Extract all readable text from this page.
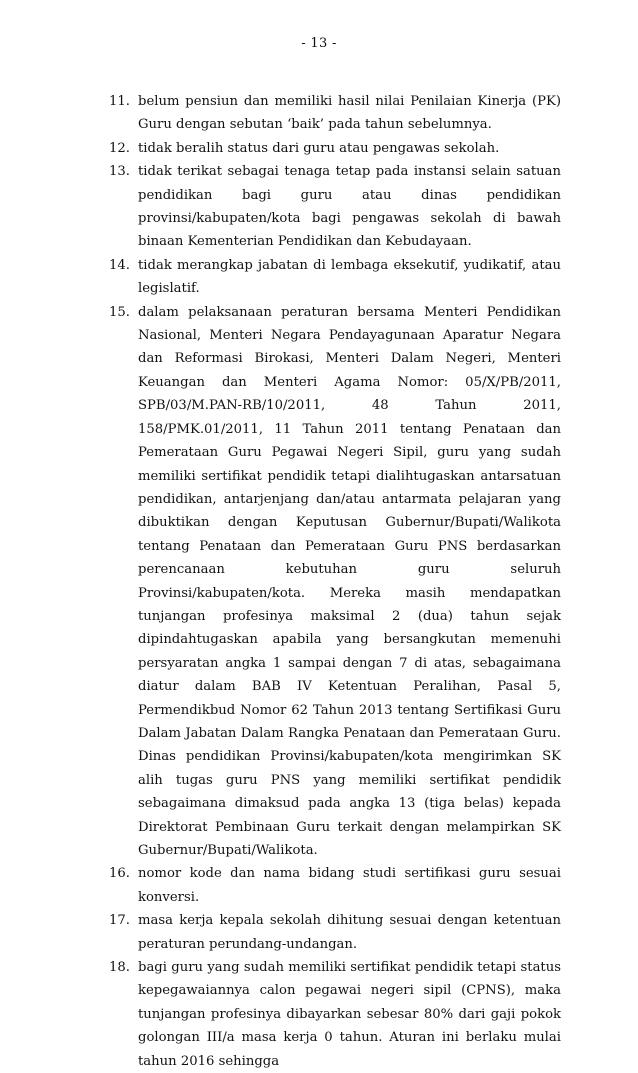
- 13 -
11. belum pensiun dan memiliki hasil nilai Penilaian Kinerja (PK) Guru dengan sebutan ‘baik’ pada tahun sebelumnya.
12. tidak beralih status dari guru atau pengawas sekolah.
13. tidak terikat sebagai tenaga tetap pada instansi selain satuan pendidikan bagi guru atau dinas pendidikan provinsi/kabupaten/kota bagi pengawas sekolah di bawah binaan Kementerian Pendidikan dan Kebudayaan.
14. tidak merangkap jabatan di lembaga eksekutif, yudikatif, atau legislatif.
15. dalam pelaksanaan peraturan bersama Menteri Pendidikan Nasional, Menteri Negara Pendayagunaan Aparatur Negara dan Reformasi Birokasi, Menteri Dalam Negeri, Menteri Keuangan dan Menteri Agama Nomor: 05/X/PB/2011, SPB/03/M.PAN-RB/10/2011, 48 Tahun 2011, 158/PMK.01/2011, 11 Tahun 2011 tentang Penataan dan Pemerataan Guru Pegawai Negeri Sipil, guru yang sudah memiliki sertifikat pendidik tetapi dialihtugaskan antarsatuan pendidikan, antarjenjang dan/atau antarmata pelajaran yang dibuktikan dengan Keputusan Gubernur/Bupati/Walikota tentang Penataan dan Pemerataan Guru PNS berdasarkan perencanaan kebutuhan guru seluruh Provinsi/kabupaten/kota. Mereka masih mendapatkan tunjangan profesinya maksimal 2 (dua) tahun sejak dipindahtugaskan apabila yang bersangkutan memenuhi persyaratan angka 1 sampai dengan 7 di atas, sebagaimana diatur dalam BAB IV Ketentuan Peralihan, Pasal 5, Permendikbud Nomor 62 Tahun 2013 tentang Sertifikasi Guru Dalam Jabatan Dalam Rangka Penataan dan Pemerataan Guru. Dinas pendidikan Provinsi/kabupaten/kota mengirimkan SK alih tugas guru PNS yang memiliki sertifikat pendidik sebagaimana dimaksud pada angka 13 (tiga belas) kepada Direktorat Pembinaan Guru terkait dengan melampirkan SK Gubernur/Bupati/Walikota.
16. nomor kode dan nama bidang studi sertifikasi guru sesuai konversi.
17. masa kerja kepala sekolah dihitung sesuai dengan ketentuan peraturan perundang-undangan.
18. bagi guru yang sudah memiliki sertifikat pendidik tetapi status kepegawaiannya calon pegawai negeri sipil (CPNS), maka tunjangan profesinya dibayarkan sebesar 80% dari gaji pokok golongan III/a masa kerja 0 tahun. Aturan ini berlaku mulai tahun 2016 sehingga
